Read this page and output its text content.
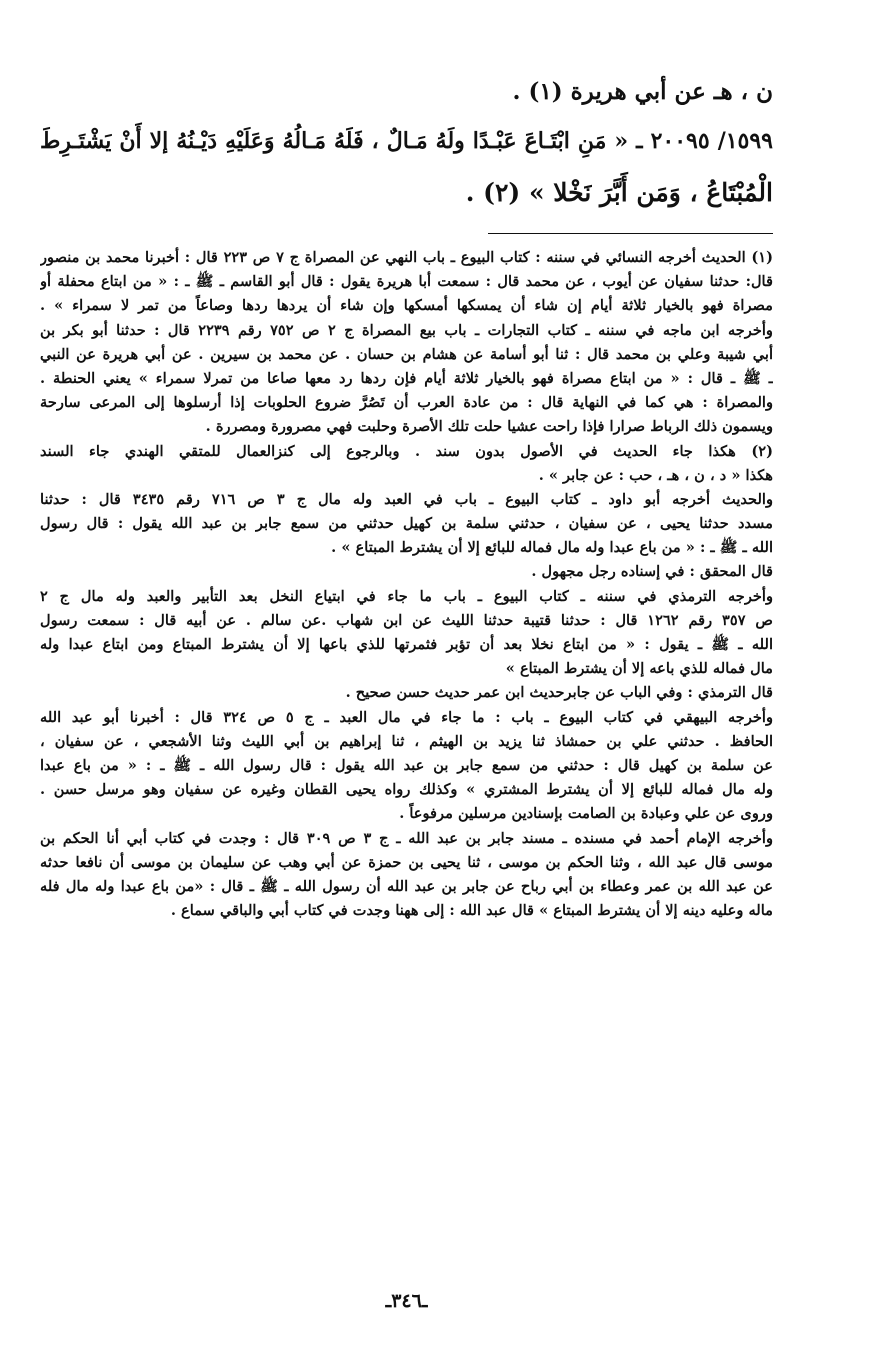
ن ، هـ عن أبي هريرة (١) .
١٥٩٩/ ٢٠٠٩٥ ـ « مَنِ ابْتَـاعَ عَبْـدًا ولَهُ مَـالٌ ، فَلَهُ مَـالُهُ وَعَلَيْهِ دَيْـنُهُ إلا أَنْ يَشْتَـرِطَ
الْمُبْتَاعُ ، وَمَن أَبَّرَ نَخْلا » (٢) .
(١) الحديث أخرجه النسائي في سننه : كتاب البيوع ـ باب النهي عن المصراة ج ٧ ص ٢٢٣ قال : أخبرنا محمد بن منصور
قال: حدثنا سفيان عن أيوب ، عن محمد قال : سمعت أبا هريرة يقول : قال أبو القاسم ـ ﷺ ـ : « من ابتاع محفلة أو
مصراة فهو بالخيار ثلاثة أيام إن شاء أن يمسكها أمسكها وإن شاء أن يردها ردها وصاعاً من تمر لا سمراء » .
وأخرجه ابن ماجه في سننه ـ كتاب التجارات ـ باب بيع المصراة ج ٢ ص ٧٥٢ رقم ٢٢٣٩ قال : حدثنا أبو بكر بن
أبي شيبة وعلي بن محمد قال : ثنا أبو أسامة عن هشام بن حسان . عن محمد بن سيرين . عن أبي هريرة عن النبي
ـ ﷺ ـ قال : « من ابتاع مصراة فهو بالخيار ثلاثة أيام فإن ردها رد معها صاعا من تمرلا سمراء » يعني الحنطة .
والمصراة : هي كما في النهاية قال : من عادة العرب أن تَصُرَّ ضروع الحلوبات إذا أرسلوها إلى المرعى سارحة
ويسمون ذلك الرباط صرارا فإذا راحت عشيا حلت تلك الأصرة وحلبت فهي مصرورة ومصررة .
(٢) هكذا جاء الحديث في الأصول بدون سند . وبالرجوع إلى كنزالعمال للمتقي الهندي جاء السند
هكذا « د ، ن ، هـ ، حب : عن جابر » .
والحديث أخرجه أبو داود ـ كتاب البيوع ـ باب في العبد وله مال ج ٣ ص ٧١٦ رقم ٣٤٣٥ قال : حدثنا
مسدد حدثنا يحيى ، عن سفيان ، حدثني سلمة بن كهيل حدثني من سمع جابر بن عبد الله يقول : قال رسول
الله ـ ﷺ ـ : « من باع عبدا وله مال فماله للبائع إلا أن يشترط المبتاع » .
قال المحقق : في إسناده رجل مجهول .
وأخرجه الترمذي في سننه ـ كتاب البيوع ـ باب ما جاء في ابتياع النخل بعد التأبير والعبد وله مال ج ٢
ص ٣٥٧ رقم ١٢٦٢ قال : حدثنا قتيبة حدثنا الليث عن ابن شهاب .عن سالم . عن أبيه قال : سمعت رسول
الله ـ ﷺ ـ يقول : « من ابتاع نخلا بعد أن تؤبر فثمرتها للذي باعها إلا أن يشترط المبتاع ومن ابتاع عبدا وله
مال فماله للذي باعه إلا أن يشترط المبتاع »
قال الترمذي : وفي الباب عن جابرحديث ابن عمر حديث حسن صحيح .
وأخرجه البيهقي في كتاب البيوع ـ باب : ما جاء في مال العبد ـ ج ٥ ص ٣٢٤ قال : أخبرنا أبو عبد الله
الحافظ . حدثني علي بن حمشاذ ثنا يزيد بن الهيثم ، ثنا إبراهيم بن أبي الليث وثنا الأشجعي ، عن سفيان ،
عن سلمة بن كهيل قال : حدثني من سمع جابر بن عبد الله يقول : قال رسول الله ـ ﷺ ـ : « من باع عبدا
وله مال فماله للبائع إلا أن يشترط المشتري » وكذلك رواه يحيى القطان وغيره عن سفيان وهو مرسل حسن .
وروى عن علي وعبادة بن الصامت بإسنادين مرسلين مرفوعاً .
وأخرجه الإمام أحمد في مسنده ـ مسند جابر بن عبد الله ـ ج ٣ ص ٣٠٩ قال : وجدت في كتاب أبي أنا الحكم بن
موسى قال عبد الله ، وثنا الحكم بن موسى ، ثنا يحيى بن حمزة عن أبي وهب عن سليمان بن موسى أن نافعا حدثه
عن عبد الله بن عمر وعطاء بن أبي رباح عن جابر بن عبد الله أن رسول الله ـ ﷺ ـ قال : «من باع عبدا وله مال فله
ماله وعليه دينه إلا أن يشترط المبتاع » قال عبد الله : إلى ههنا وجدت في كتاب أبي والباقي سماع .
ـ٣٤٦ـ
